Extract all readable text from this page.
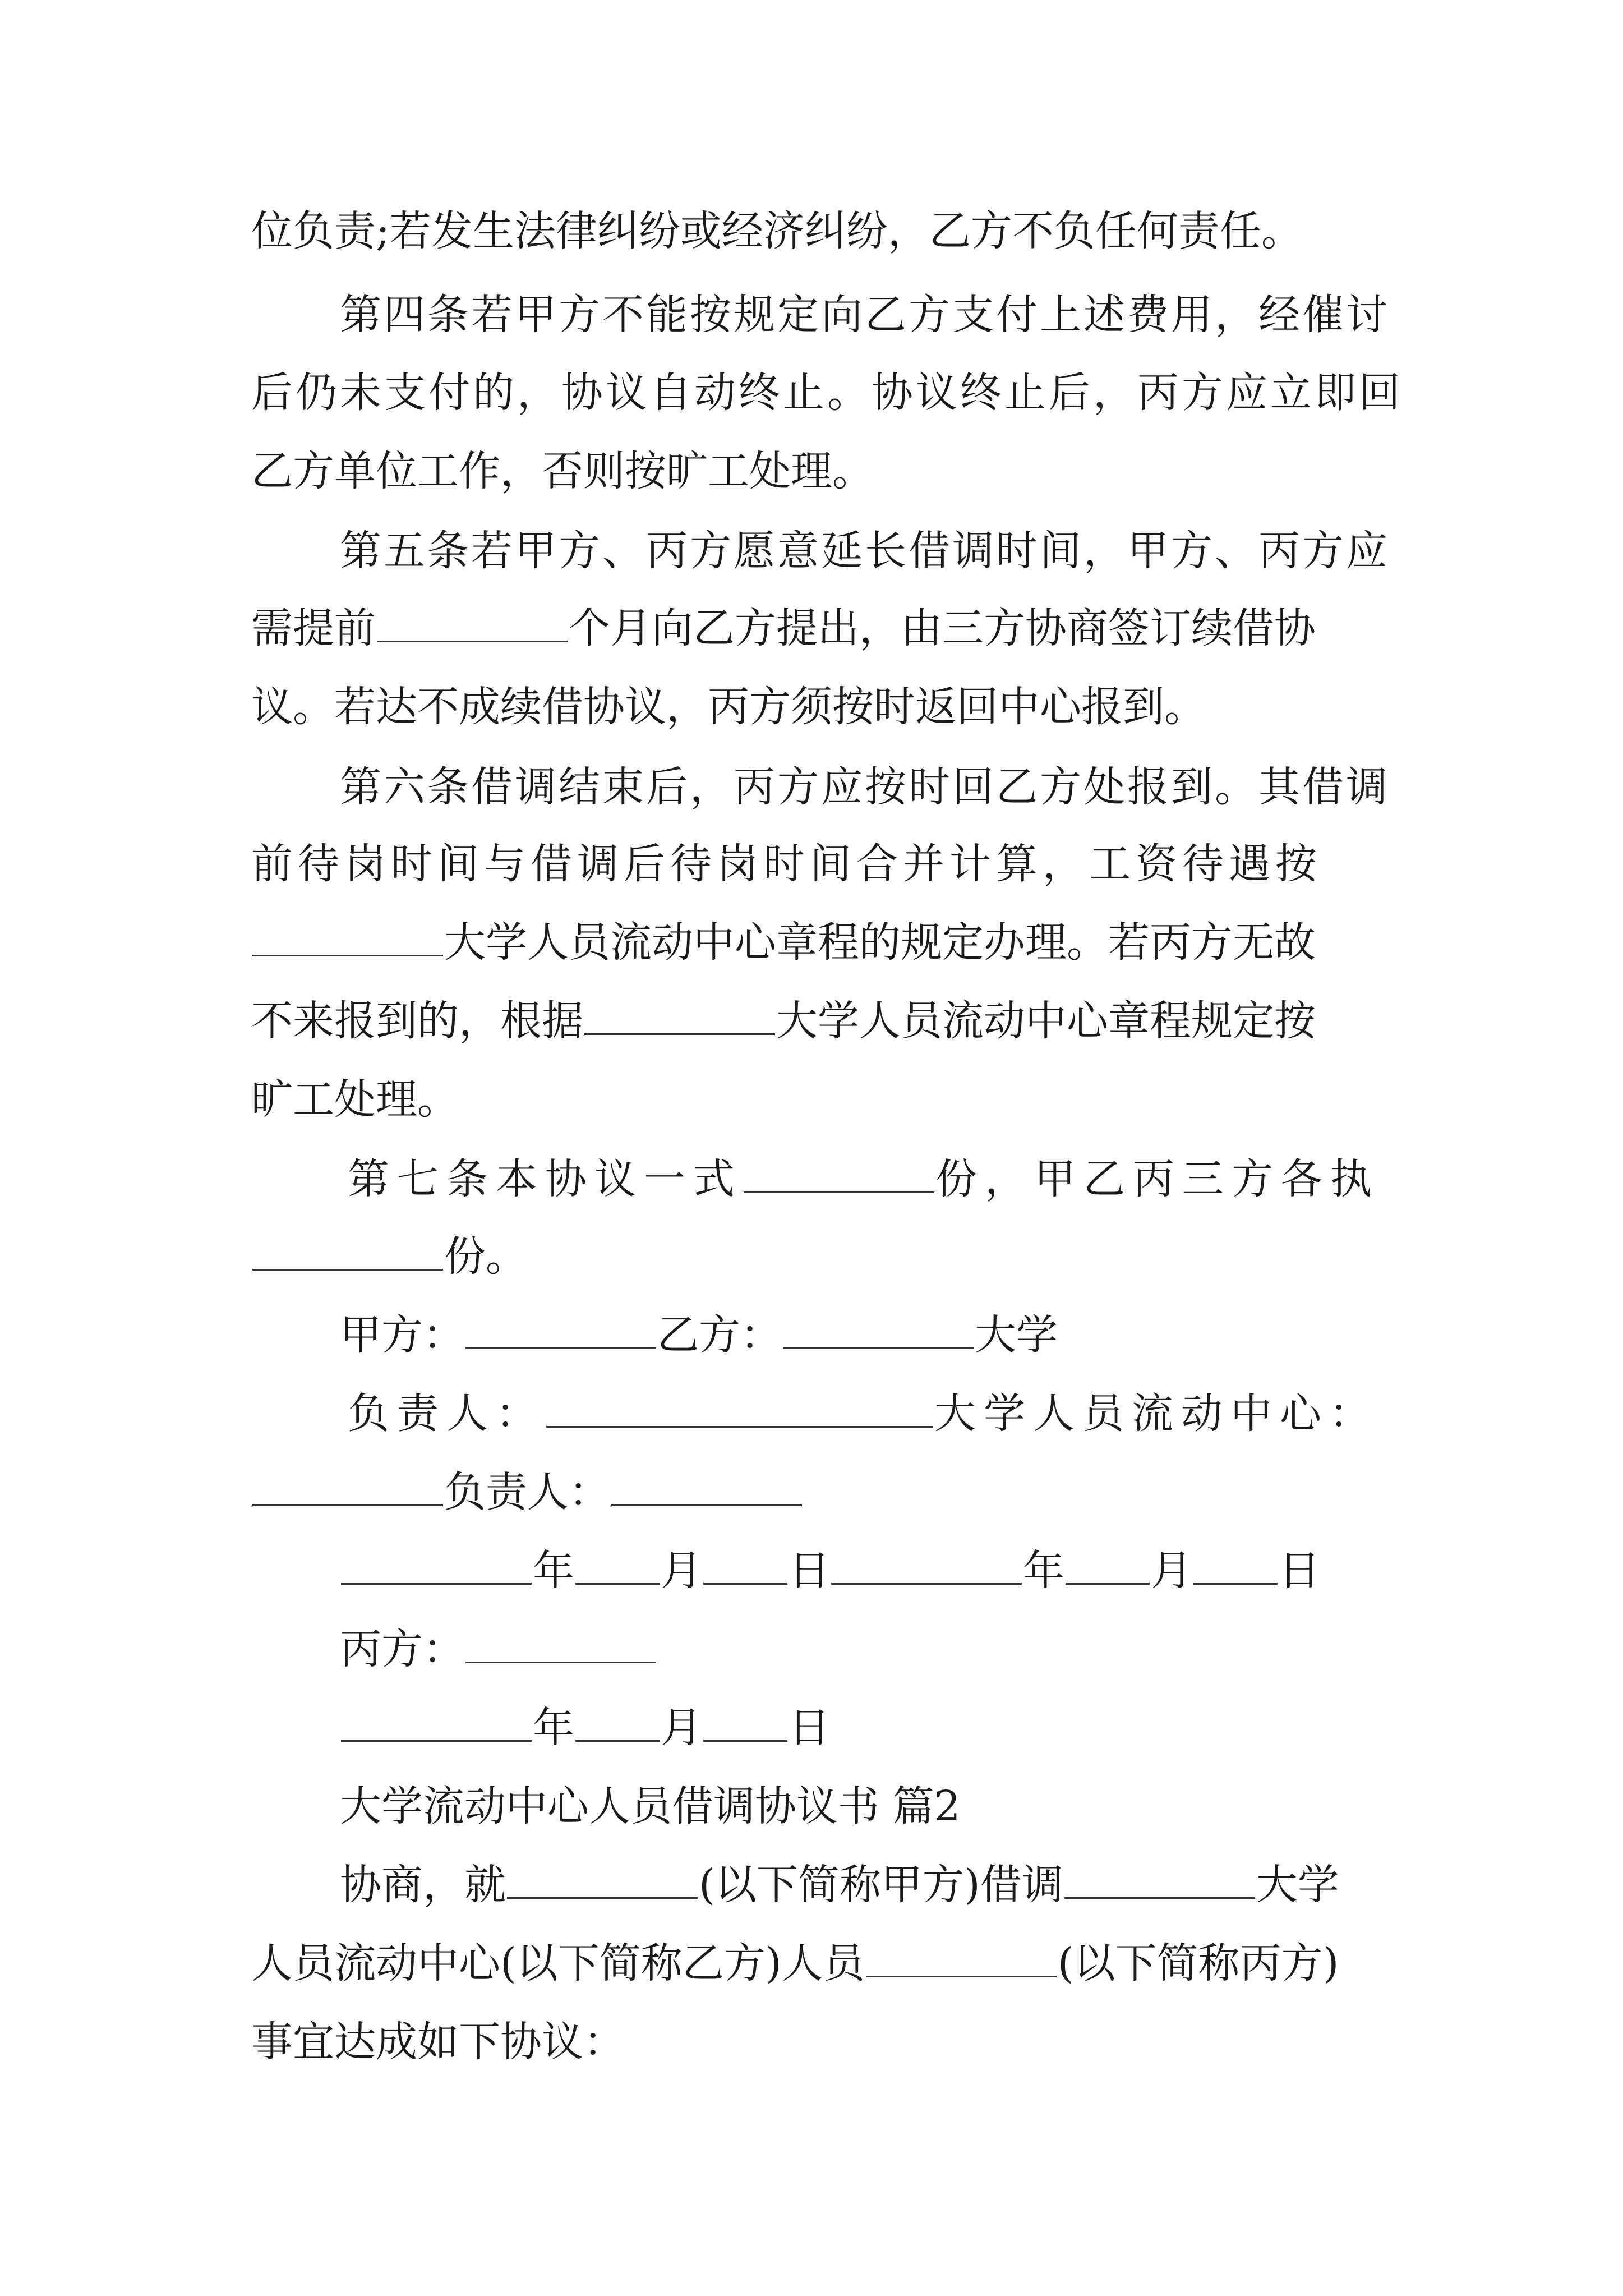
位负责;若发生法律纠纷或经济纠纷，乙方不负任何责任。
第四条若甲方不能按规定向乙方支付上述费用，经催讨
后仍未支付的，协议自动终止。协议终止后，丙方应立即回
乙方单位工作，否则按旷工处理。
第五条若甲方、丙方愿意延长借调时间，甲方、丙方应
需提前	个月向乙方提出，由三方协商签订续借协
议。若达不成续借协议，丙方须按时返回中心报到。
第六条借调结束后，丙方应按时回乙方处报到。其借调
前待岗时间与借调后待岗时间合并计算，工资待遇按
大学人员流动中心章程的规定办理。若丙方无故
不来报到的，根据	大学人员流动中心章程规定按
旷工处理。
第七条本协议一式	份，甲乙丙三方各执
份。
甲方：	乙方：	大学
负责人：	大学人员流动中心：
负责人：
年 月 日	年 月 日
丙方：
年 月 日
大学流动中心人员借调协议书 篇2
协商，就	(以下简称甲方)借调	大学
人员流动中心(以下简称乙方)人员	(以下简称丙方)
事宜达成如下协议：
